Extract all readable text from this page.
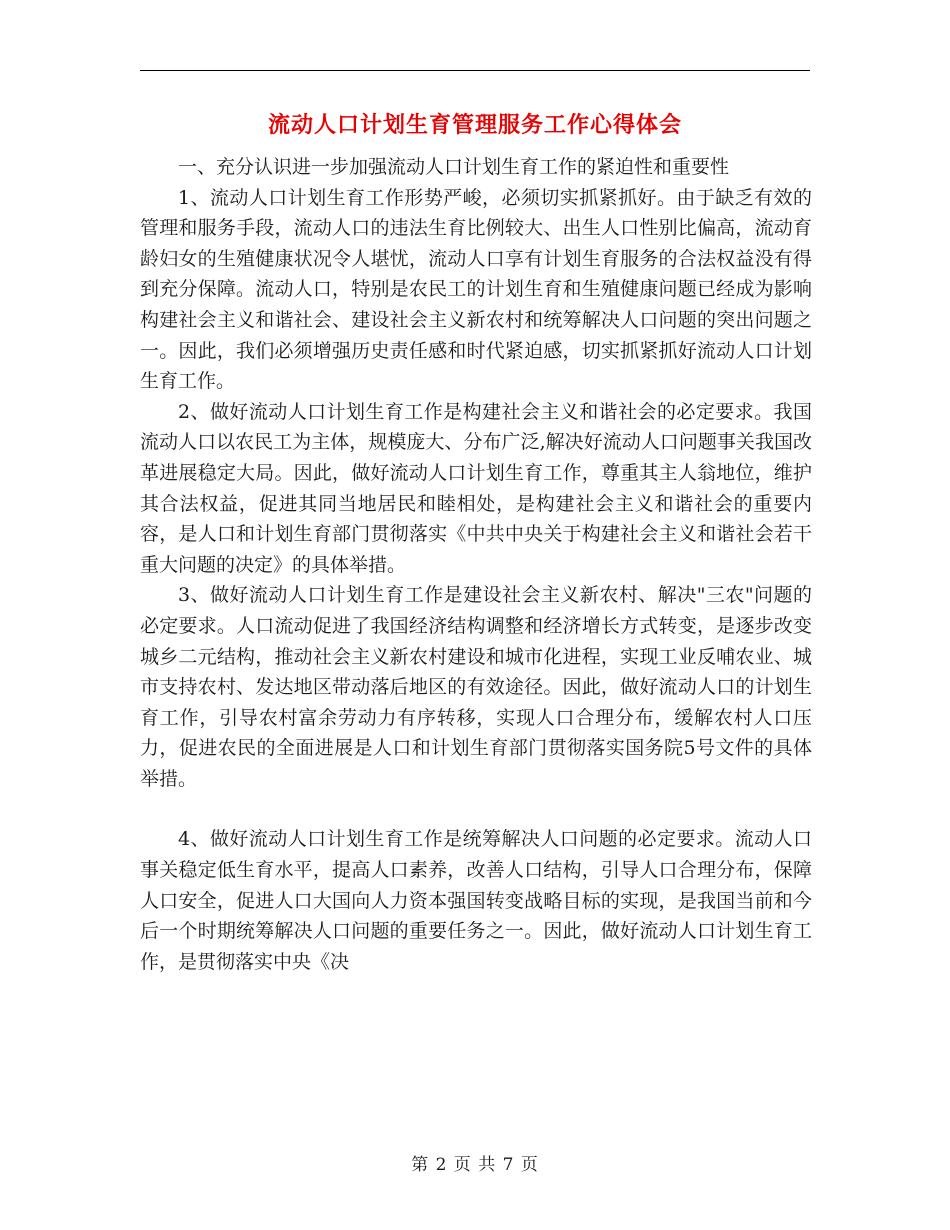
流动人口计划生育管理服务工作心得体会

一、充分认识进一步加强流动人口计划生育工作的紧迫性和重要性

1、流动人口计划生育工作形势严峻，必须切实抓紧抓好。由于缺乏有效的管理和服务手段，流动人口的违法生育比例较大、出生人口性别比偏高，流动育龄妇女的生殖健康状况令人堪忧，流动人口享有计划生育服务的合法权益没有得到充分保障。流动人口，特别是农民工的计划生育和生殖健康问题已经成为影响构建社会主义和谐社会、建设社会主义新农村和统筹解决人口问题的突出问题之一。因此，我们必须增强历史责任感和时代紧迫感，切实抓紧抓好流动人口计划生育工作。

2、做好流动人口计划生育工作是构建社会主义和谐社会的必定要求。我国流动人口以农民工为主体，规模庞大、分布广泛,解决好流动人口问题事关我国改革进展稳定大局。因此，做好流动人口计划生育工作，尊重其主人翁地位，维护其合法权益，促进其同当地居民和睦相处，是构建社会主义和谐社会的重要内容，是人口和计划生育部门贯彻落实《中共中央关于构建社会主义和谐社会若干重大问题的决定》的具体举措。

3、做好流动人口计划生育工作是建设社会主义新农村、解决"三农"问题的必定要求。人口流动促进了我国经济结构调整和经济增长方式转变，是逐步改变城乡二元结构，推动社会主义新农村建设和城市化进程，实现工业反哺农业、城市支持农村、发达地区带动落后地区的有效途径。因此，做好流动人口的计划生育工作，引导农村富余劳动力有序转移，实现人口合理分布，缓解农村人口压力，促进农民的全面进展是人口和计划生育部门贯彻落实国务院5号文件的具体举措。

4、做好流动人口计划生育工作是统筹解决人口问题的必定要求。流动人口事关稳定低生育水平，提高人口素养，改善人口结构，引导人口合理分布，保障人口安全，促进人口大国向人力资本强国转变战略目标的实现，是我国当前和今后一个时期统筹解决人口问题的重要任务之一。因此，做好流动人口计划生育工作，是贯彻落实中央《决

第 2 页 共 7 页
